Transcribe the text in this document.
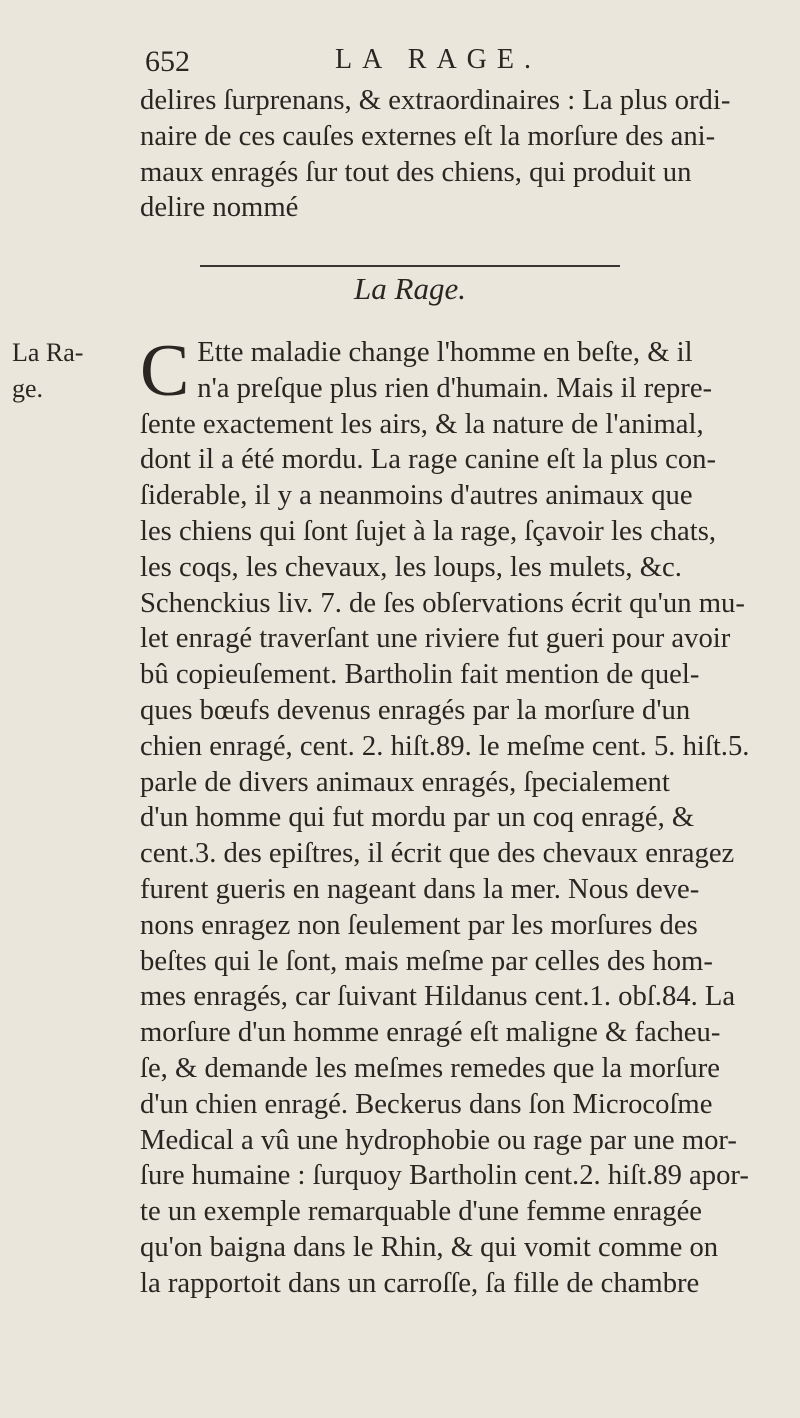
652	LA RAGE.
delires ſurprenans, & extraordinaires : La plus ordi-
naire de ces cauſes externes eſt la morſure des ani-
maux enragés ſur tout des chiens, qui produit un
delire nommé
La Rage.
La Ra-ge.	C Ette maladie change l'homme en beſte, & il
n'a preſque plus rien d'humain. Mais il repre-
ſente exactement les airs, & la nature de l'animal,
dont il a été mordu. La rage canine eſt la plus con-
ſiderable, il y a neanmoins d'autres animaux que
les chiens qui ſont ſujet à la rage, ſçavoir les chats,
les coqs, les chevaux, les loups, les mulets, &c.
Schenckius liv. 7. de ſes obſervations écrit qu'un mu-
let enragé traverſant une riviere fut gueri pour avoir
bû copieuſement. Bartholin fait mention de quel-
ques bœufs devenus enragés par la morſure d'un
chien enragé, cent. 2. hiſt.89. le meſme cent. 5. hiſt.5.
parle de divers animaux enragés, ſpecialement
d'un homme qui fut mordu par un coq enragé, &
cent.3. des epiſtres, il écrit que des chevaux enragez
furent gueris en nageant dans la mer. Nous deve-
nons enragez non ſeulement par les morſures des
beſtes qui le ſont, mais meſme par celles des hom-
mes enragés, car ſuivant Hildanus cent.1. obſ.84. La
morſure d'un homme enragé eſt maligne & facheu-
ſe, & demande les meſmes remedes que la morſure
d'un chien enragé. Beckerus dans ſon Microcoſme
Medical a vû une hydrophobie ou rage par une mor-
ſure humaine : ſurquoy Bartholin cent.2. hiſt.89 apor-
te un exemple remarquable d'une femme enragée
qu'on baigna dans le Rhin, & qui vomit comme on
la rapportoit dans un carroſſe, ſa fille de chambre
